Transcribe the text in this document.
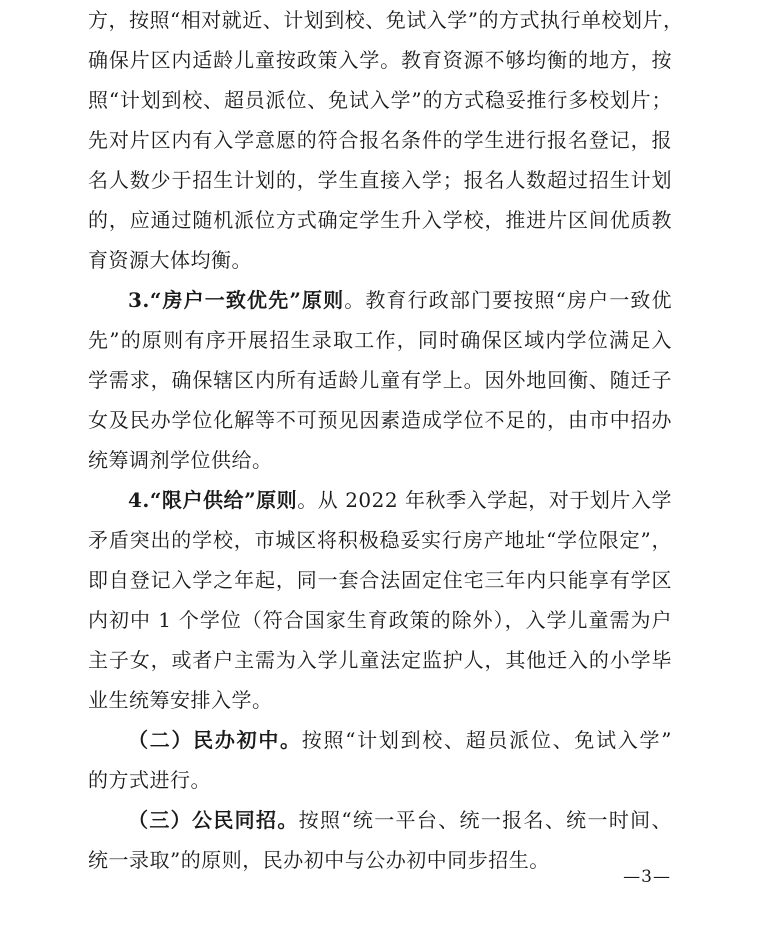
方，按照“相对就近、计划到校、免试入学”的方式执行单校划片，
确保片区内适龄儿童按政策入学。教育资源不够均衡的地方，按
照“计划到校、超员派位、免试入学”的方式稳妥推行多校划片；
先对片区内有入学意愿的符合报名条件的学生进行报名登记，报
名人数少于招生计划的，学生直接入学；报名人数超过招生计划
的，应通过随机派位方式确定学生升入学校，推进片区间优质教
育资源大体均衡。
3.“房户一致优先”原则。教育行政部门要按照“房户一致优
先”的原则有序开展招生录取工作，同时确保区域内学位满足入
学需求，确保辖区内所有适龄儿童有学上。因外地回衡、随迁子
女及民办学位化解等不可预见因素造成学位不足的，由市中招办
统筹调剂学位供给。
4.“限户供给”原则。从 2022 年秋季入学起，对于划片入学
矛盾突出的学校，市城区将积极稳妥实行房产地址“学位限定”，
即自登记入学之年起，同一套合法固定住宅三年内只能享有学区
内初中 1 个学位（符合国家生育政策的除外），入学儿童需为户
主子女，或者户主需为入学儿童法定监护人，其他迁入的小学毕
业生统筹安排入学。
（二）民办初中。按照“计划到校、超员派位、免试入学”
的方式进行。
（三）公民同招。按照“统一平台、统一报名、统一时间、
统一录取”的原则，民办初中与公办初中同步招生。
—3—
